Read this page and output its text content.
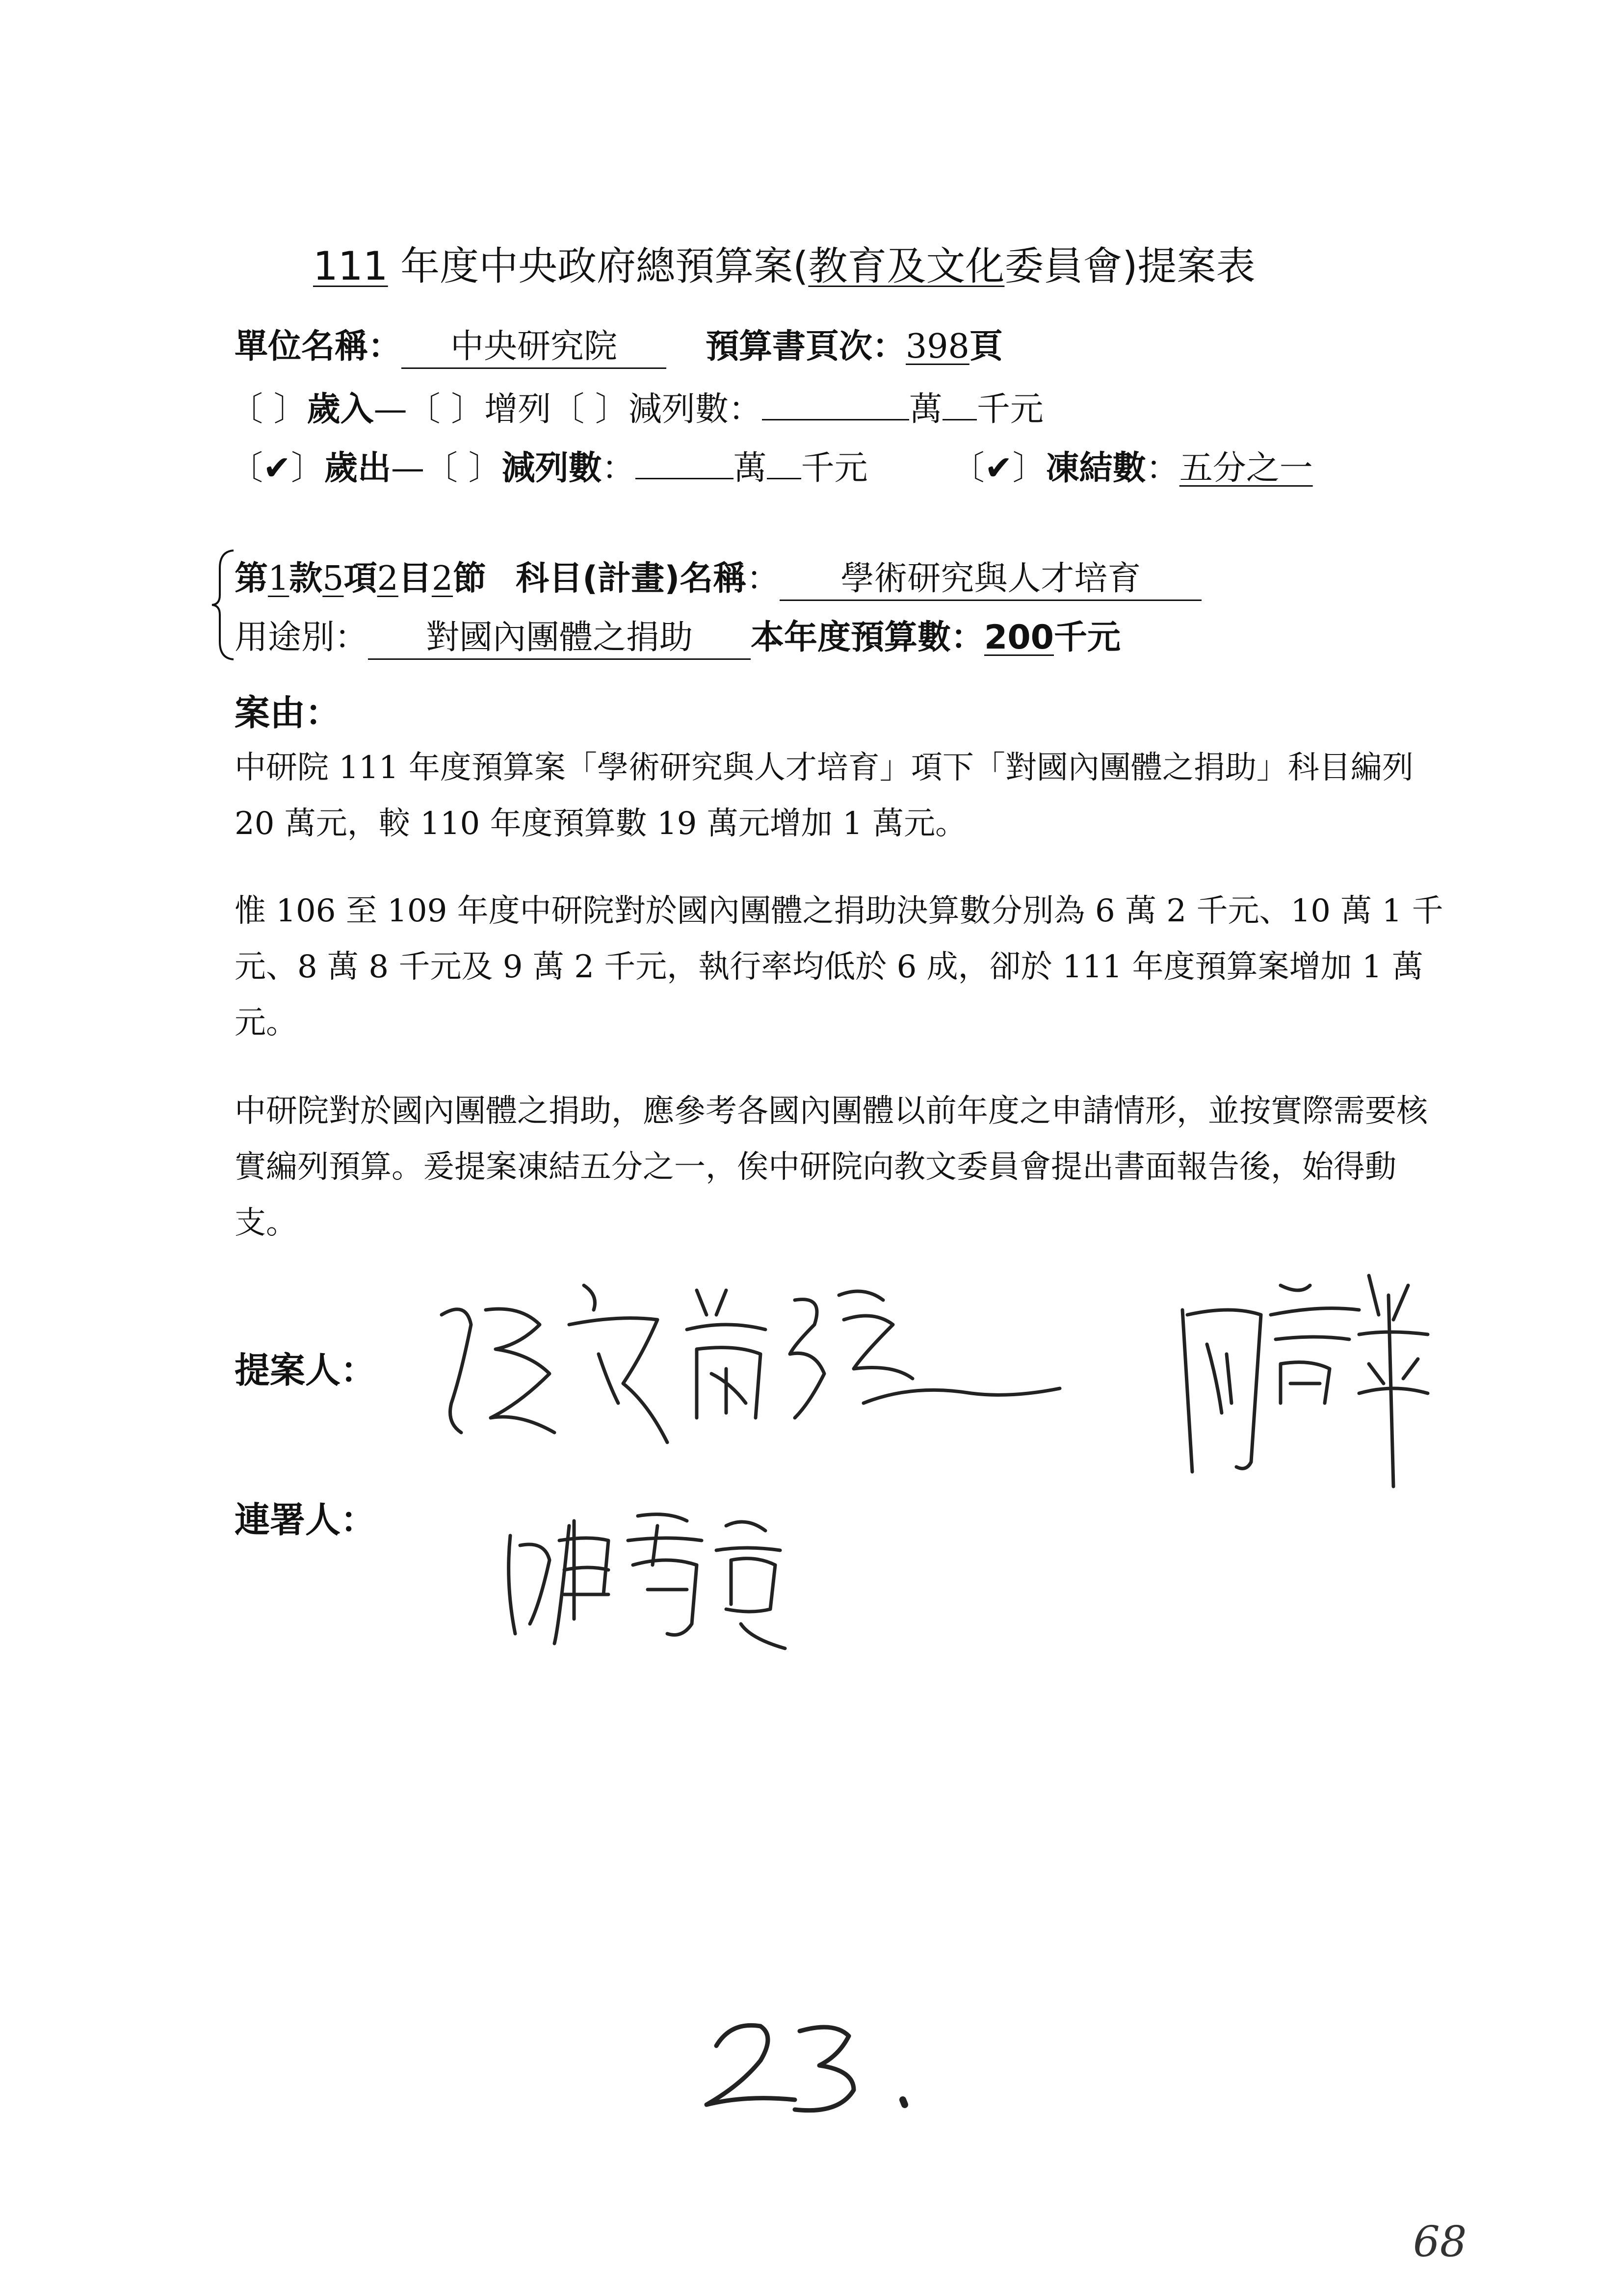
111 年度中央政府總預算案(教育及文化委員會)提案表
單位名稱： 中央研究院	預算書頁次：398頁
〔 〕歲入—〔 〕增列〔 〕減列數：	萬 千元
〔✔〕歲出—〔 〕減列數：	萬 千元	〔✔〕凍結數：五分之一
第1款5項2目2節 科目(計畫)名稱： 學術研究與人才培育
用途別： 對國內團體之捐助 本年度預算數：200千元
案由：
中研院 111 年度預算案「學術研究與人才培育」項下「對國內團體之捐助」科目編列 20 萬元，較 110 年度預算數 19 萬元增加 1 萬元。
惟 106 至 109 年度中研院對於國內團體之捐助決算數分別為 6 萬 2 千元、10 萬 1 千元、8 萬 8 千元及 9 萬 2 千元，執行率均低於 6 成，卻於 111 年度預算案增加 1 萬元。
中研院對於國內團體之捐助，應參考各國內團體以前年度之申請情形，並按實際需要核實編列預算。爰提案凍結五分之一，俟中研院向教文委員會提出書面報告後，始得動支。
提案人：
連署人：
68
